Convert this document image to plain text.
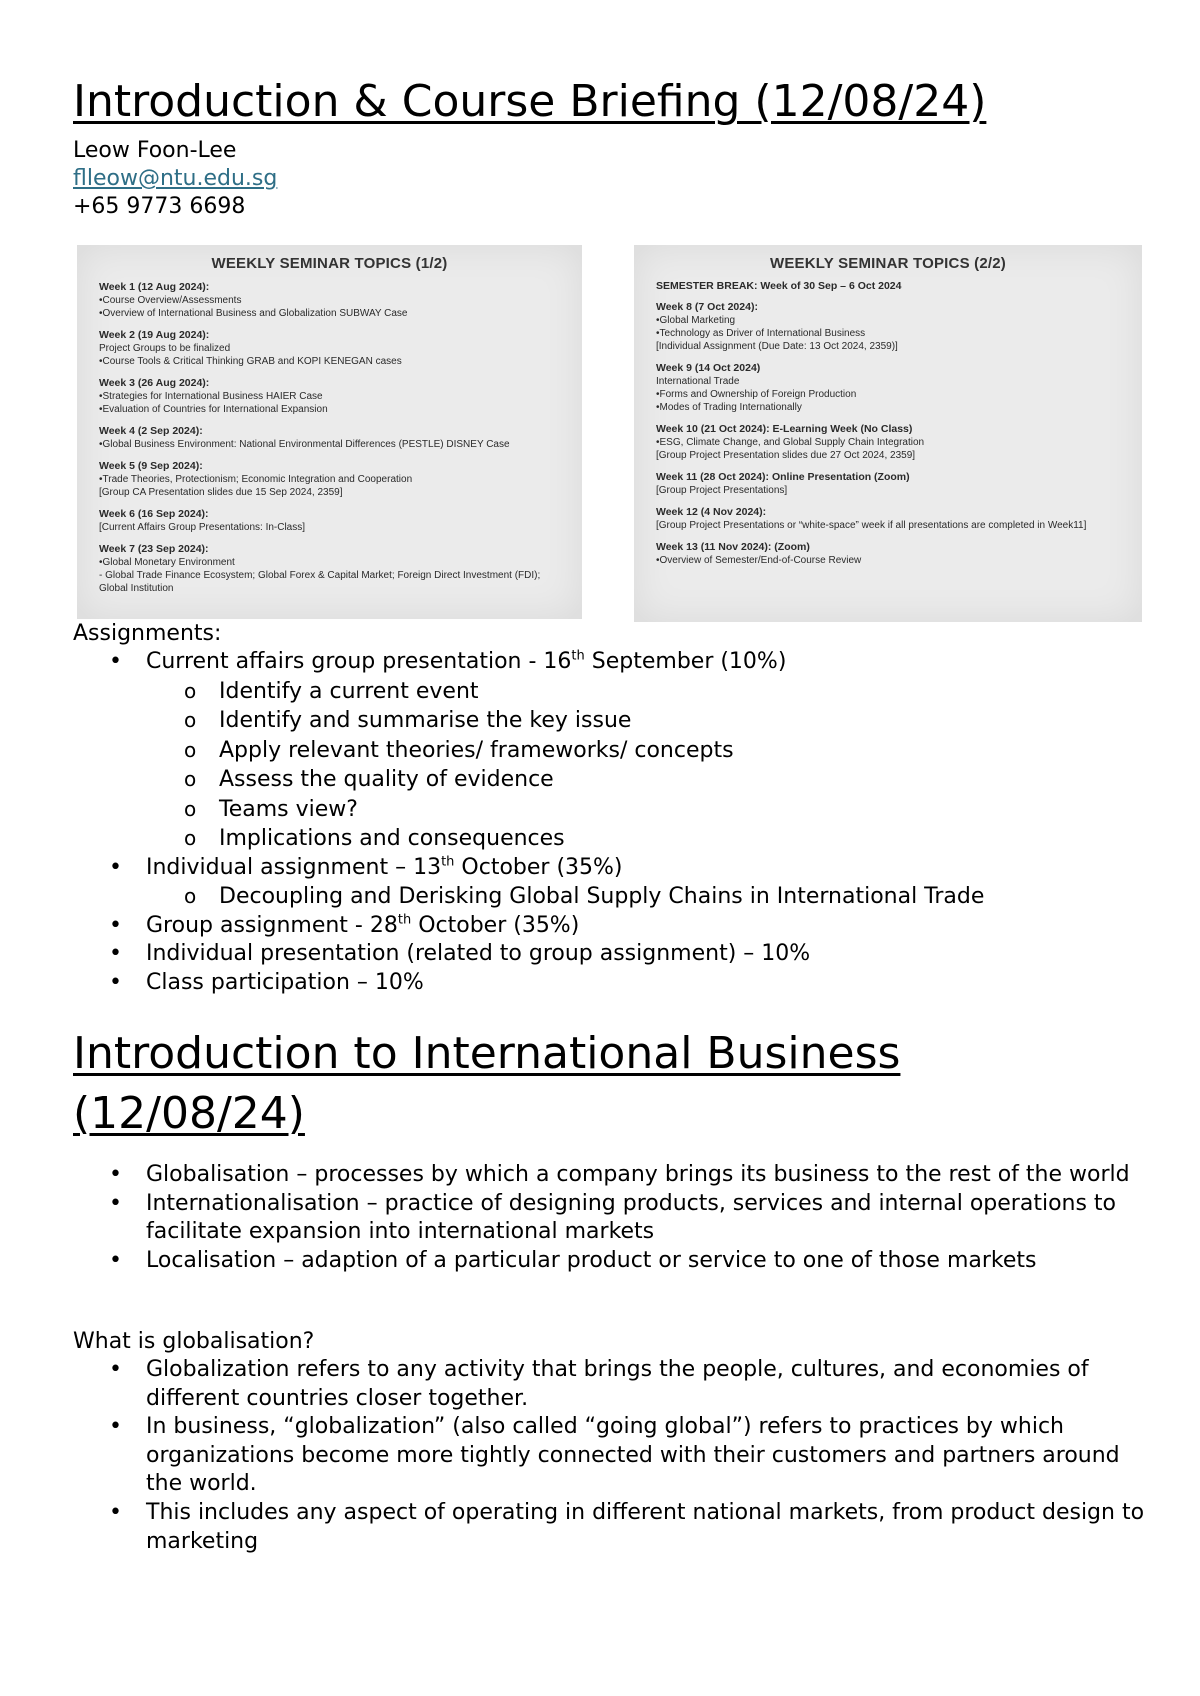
Introduction & Course Briefing (12/08/24)
Leow Foon-Lee
flleow@ntu.edu.sg
+65 9773 6698
WEEKLY SEMINAR TOPICS (1/2)
Week 1 (12 Aug 2024):
• Course Overview/Assessments
• Overview of International Business and Globalization SUBWAY Case
Week 2 (19 Aug 2024):
Project Groups to be finalized
• Course Tools & Critical Thinking GRAB and KOPI KENEGAN cases
Week 3 (26 Aug 2024):
• Strategies for International Business HAIER Case
• Evaluation of Countries for International Expansion
Week 4 (2 Sep 2024):
• Global Business Environment: National Environmental Differences (PESTLE) DISNEY Case
Week 5 (9 Sep 2024):
• Trade Theories, Protectionism; Economic Integration and Cooperation
[Group CA Presentation slides due 15 Sep 2024, 2359]
Week 6 (16 Sep 2024):
[Current Affairs Group Presentations: In-Class]
Week 7 (23 Sep 2024):
• Global Monetary Environment
- Global Trade Finance Ecosystem; Global Forex & Capital Market; Foreign Direct Investment (FDI);
Global Institution
WEEKLY SEMINAR TOPICS (2/2)
SEMESTER BREAK: Week of 30 Sep – 6 Oct 2024
Week 8 (7 Oct 2024):
• Global Marketing
• Technology as Driver of International Business
[Individual Assignment (Due Date: 13 Oct 2024, 2359)]
Week 9 (14 Oct 2024)
International Trade
• Forms and Ownership of Foreign Production
• Modes of Trading Internationally
Week 10 (21 Oct 2024): E-Learning Week (No Class)
• ESG, Climate Change, and Global Supply Chain Integration
[Group Project Presentation slides due 27 Oct 2024, 2359]
Week 11 (28 Oct 2024): Online Presentation (Zoom)
[Group Project Presentations]
Week 12 (4 Nov 2024):
[Group Project Presentations or “white-space” week if all presentations are completed in Week11]
Week 13 (11 Nov 2024): (Zoom)
• Overview of Semester/End-of-Course Review
Assignments:
• Current affairs group presentation - 16th September (10%)
o Identify a current event
o Identify and summarise the key issue
o Apply relevant theories/ frameworks/ concepts
o Assess the quality of evidence
o Teams view?
o Implications and consequences
• Individual assignment – 13th October (35%)
o Decoupling and Derisking Global Supply Chains in International Trade
• Group assignment - 28th October (35%)
• Individual presentation (related to group assignment) – 10%
• Class participation – 10%
Introduction to International Business
(12/08/24)
• Globalisation – processes by which a company brings its business to the rest of the world
• Internationalisation – practice of designing products, services and internal operations to facilitate expansion into international markets
• Localisation – adaption of a particular product or service to one of those markets
What is globalisation?
• Globalization refers to any activity that brings the people, cultures, and economies of different countries closer together.
• In business, “globalization” (also called “going global”) refers to practices by which organizations become more tightly connected with their customers and partners around the world.
• This includes any aspect of operating in different national markets, from product design to marketing
